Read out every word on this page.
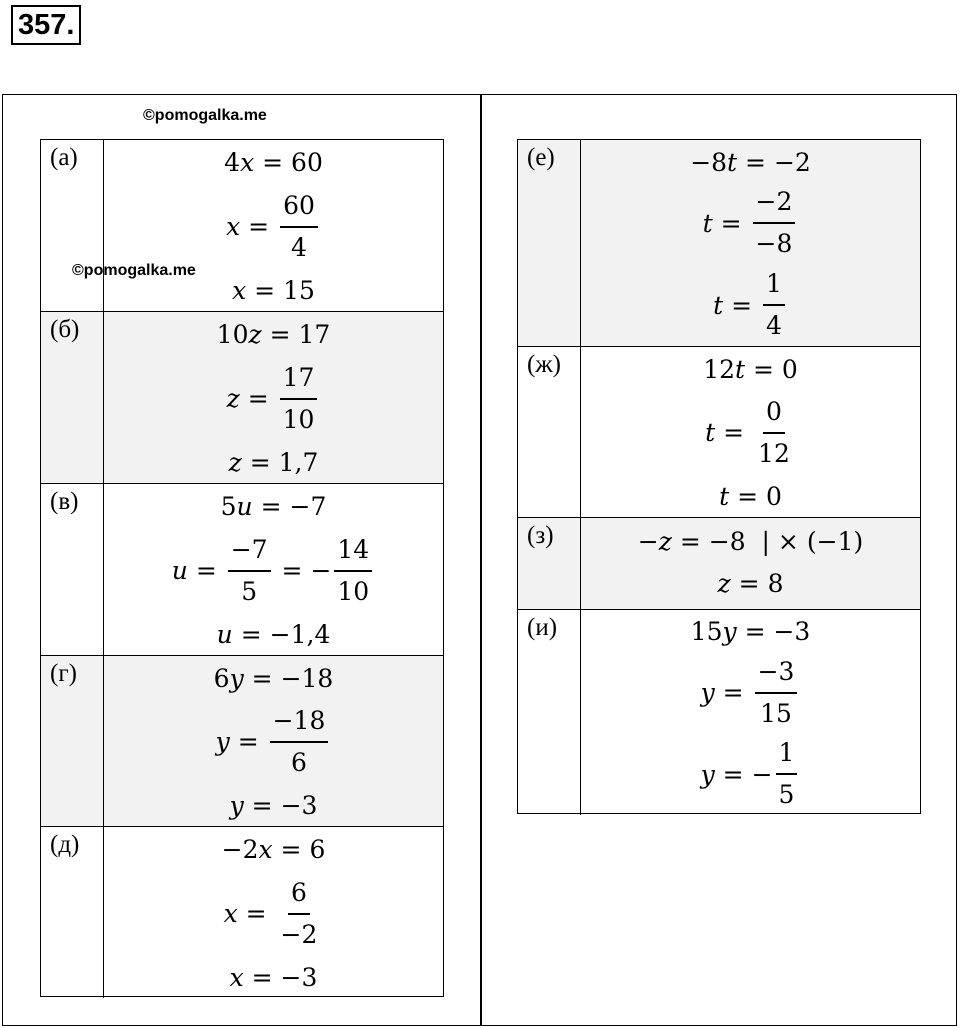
357.
©pomogalka.me
(а)	4x = 60
$x = \frac{60}{4}$
x = 15
(б)	10z = 17
$z = \frac{17}{10}$
z = 1,7
(в)	5u = −7
$u = \frac{-7}{5}$ = − $\frac{14}{10}$
u = −1,4
(г)	6y = −18
$y = \frac{-18}{6}$
y = −3
(д)	−2x = 6
$x = \frac{6}{-2}$
x = −3
(е)	−8t = −2
$t = \frac{-2}{-8}$
$t = \frac{1}{4}$
(ж)	12t = 0
$t = \frac{0}{12}$
t = 0
(з)	−z = −8 | × (−1)
z = 8
(и)	15y = −3
$y = \frac{-3}{15}$
y = − $\frac{1}{5}$
©pomogalka.me
